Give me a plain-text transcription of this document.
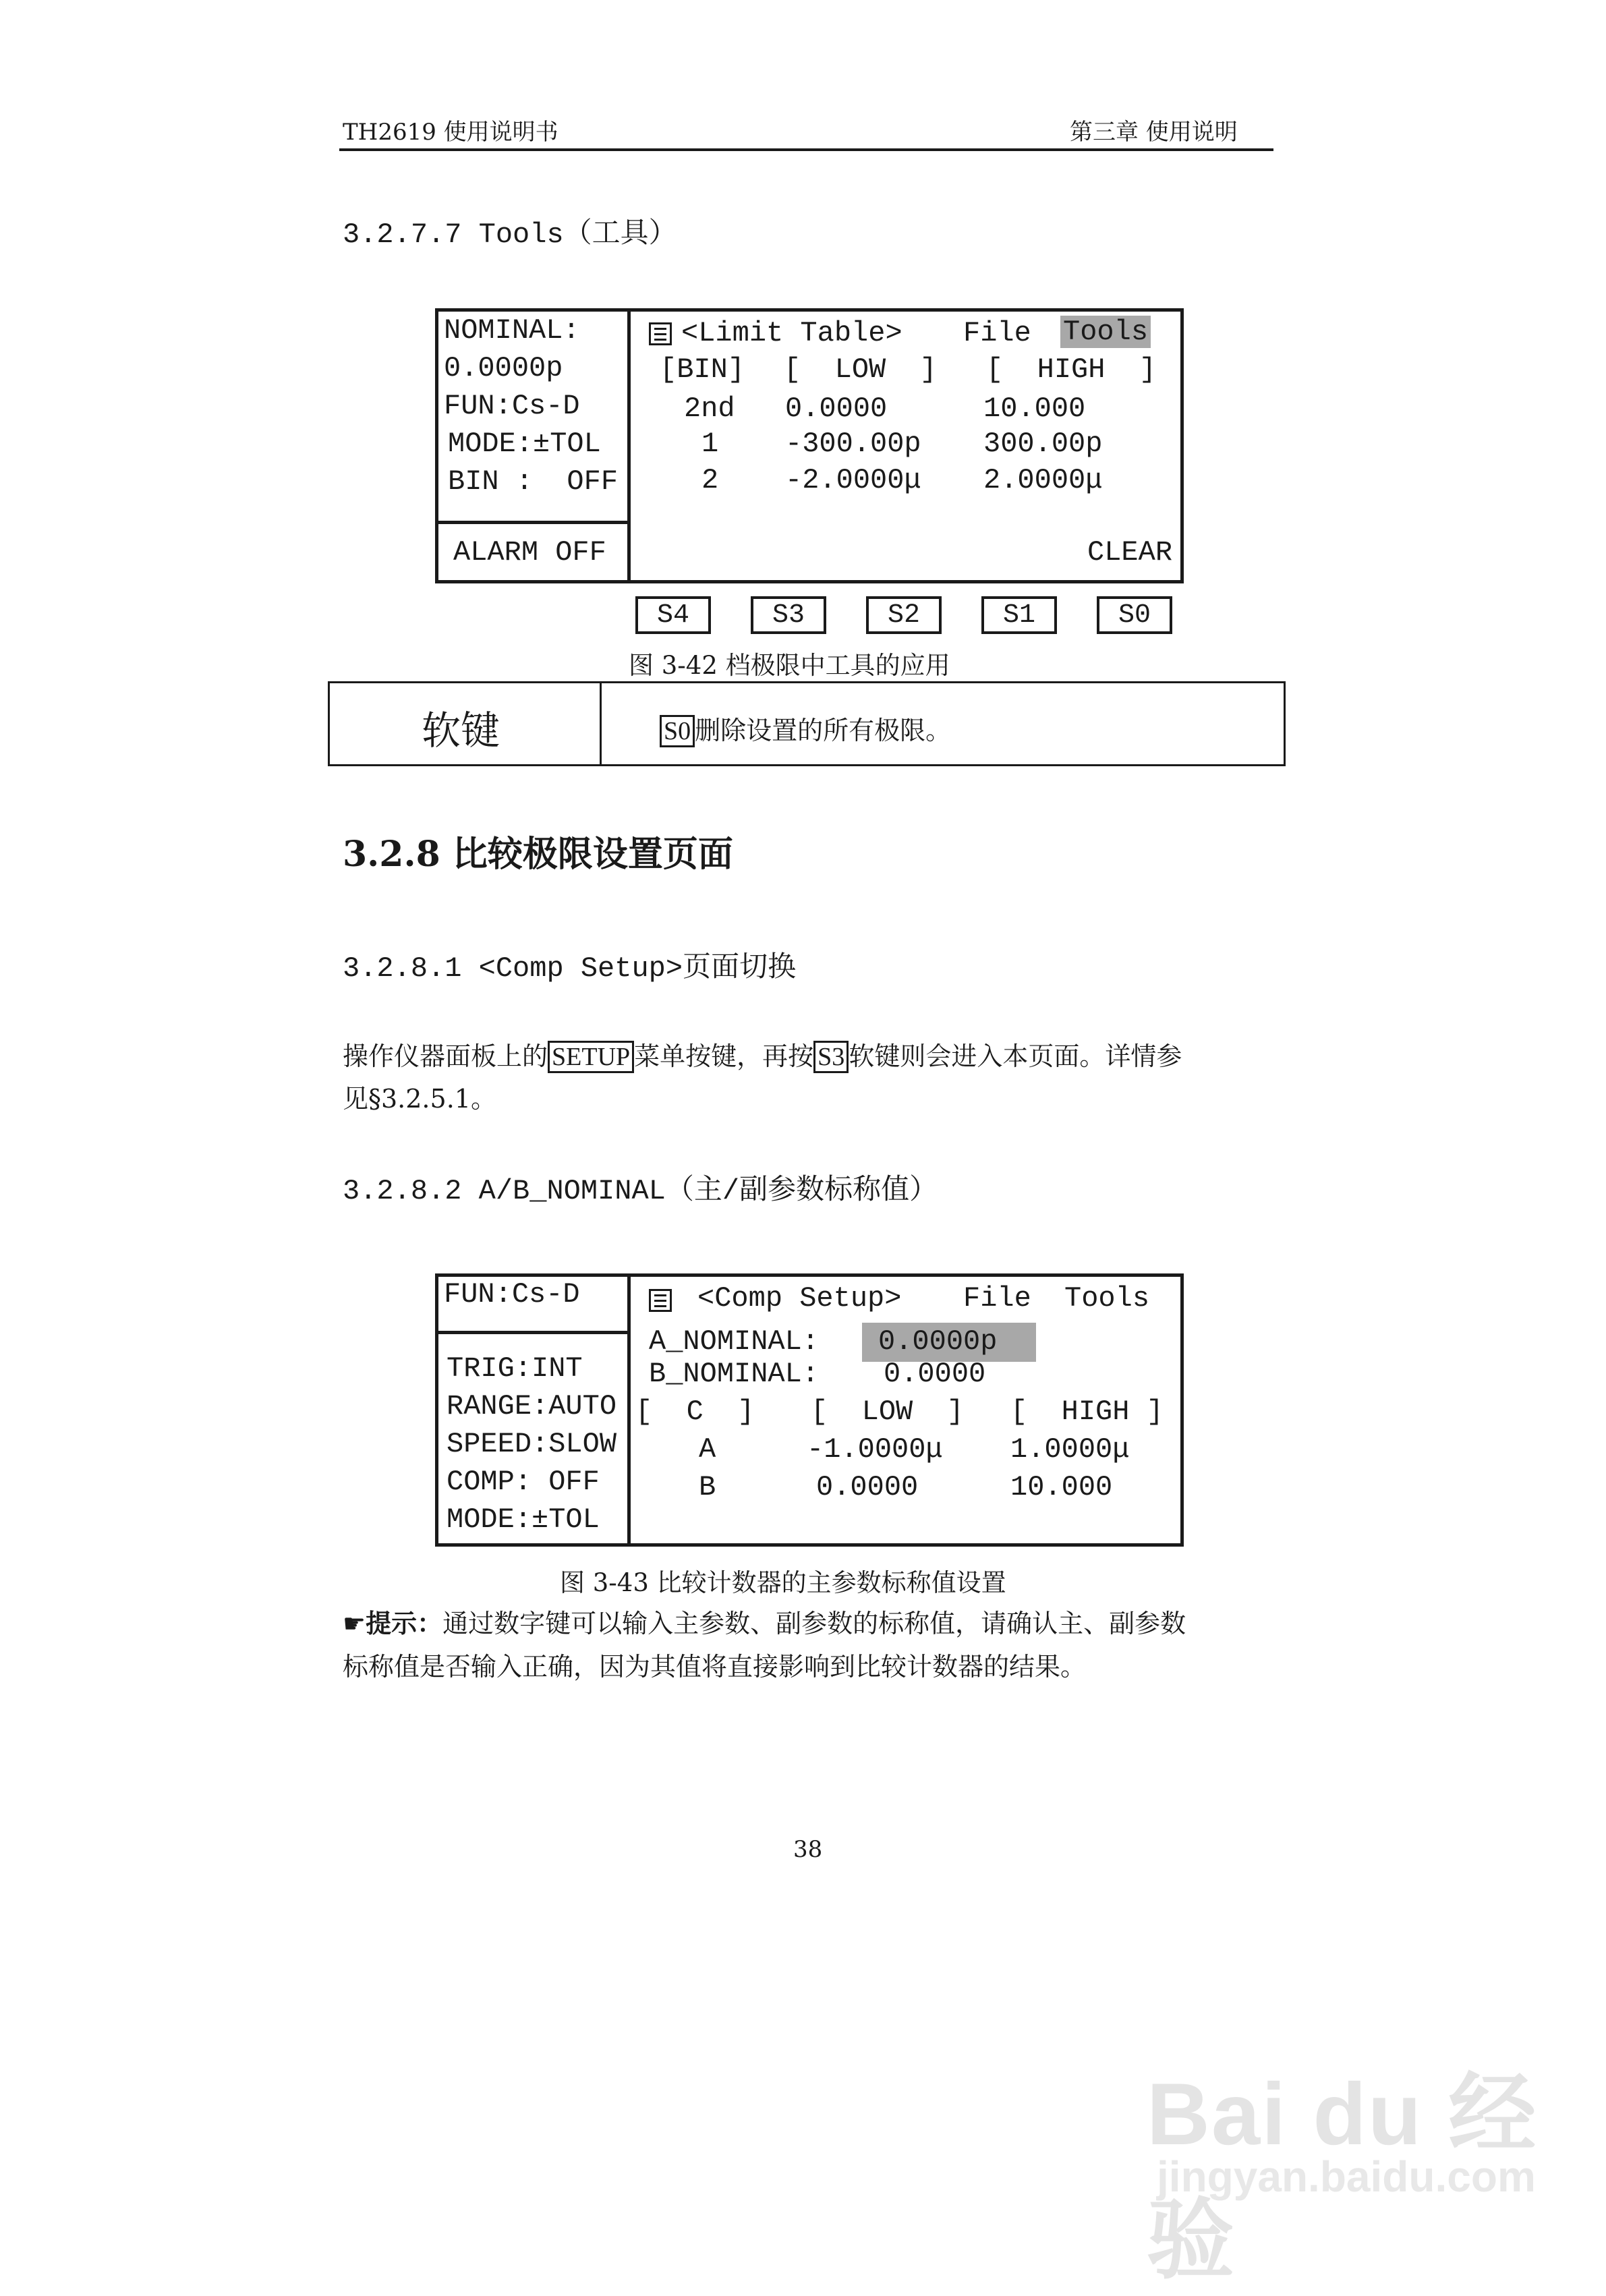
TH2619 使用说明书	第三章 使用说明
3.2.7.7 Tools（工具）
NOMINAL:
0.0000p
FUN:Cs-D
MODE:±TOL
BIN :  OFF
ALARM OFF
<Limit Table> File Tools
[BIN] [  LOW  ] [  HIGH  ]
2nd 0.0000	10.000
1 -300.00p 300.00p
2 -2.0000μ 2.0000μ
CLEAR
S4	S3	S2	S1	S0
图 3-42 档极限中工具的应用
软键	S0 删除设置的所有极限。
3.2.8 比较极限设置页面
3.2.8.1 <Comp Setup>页面切换
操作仪器面板上的 SETUP 菜单按键，再按 S3 软键则会进入本页面。详情参
见§3.2.5.1。
3.2.8.2 A/B_NOMINAL（主/副参数标称值）
FUN:Cs-D
TRIG:INT
RANGE:AUTO
SPEED:SLOW
COMP: OFF
MODE:±TOL
<Comp Setup> File Tools
A_NOMINAL: 0.0000p
B_NOMINAL: 0.0000
[  C  ] [  LOW  ] [  HIGH ]
A	-1.0000μ 1.0000μ
B	0.0000	10.000
图 3-43 比较计数器的主参数标称值设置
☛提示：通过数字键可以输入主参数、副参数的标称值，请确认主、副参数
标称值是否输入正确，因为其值将直接影响到比较计数器的结果。
38
Bai du 经验
jingyan.baidu.com
